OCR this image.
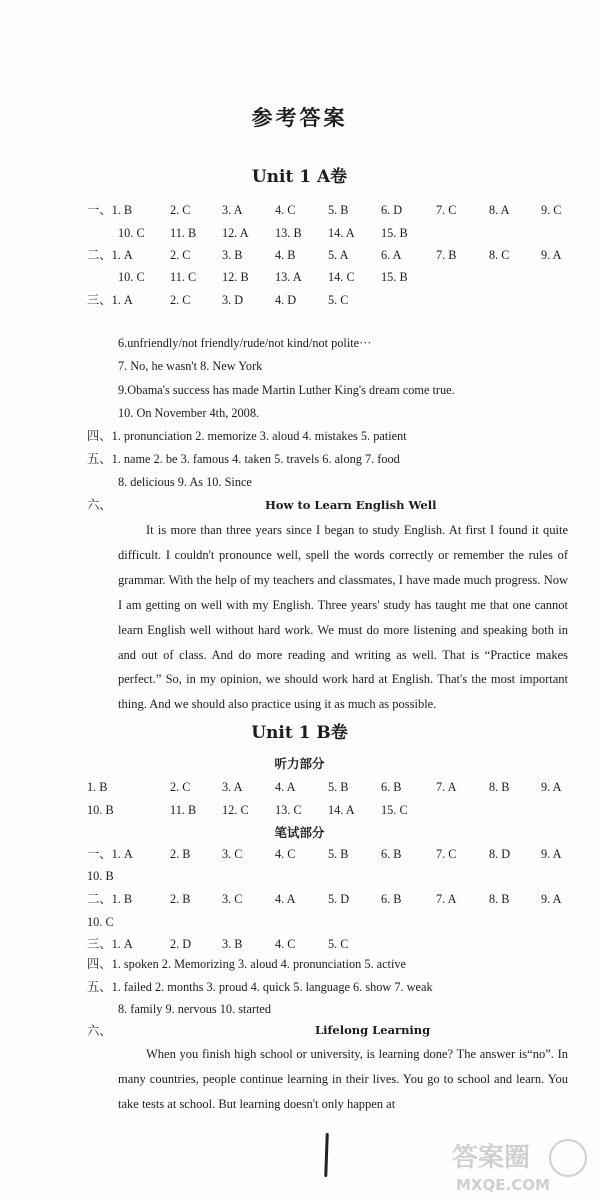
参考答案
Unit 1 A卷
一、1. B	2. C	3. A	4. C	5. B	6. D	7. C	8. A	9. C
10. C 11. B 12. A 13. B 14. A 15. B
二、1. A	2. C	3. B	4. B	5. A	6. A	7. B	8. C	9. A
10. C 11. C 12. B 13. A 14. C 15. B
三、1. A	2. C	3. D	4. D	5. C
6.unfriendly/not friendly/rude/not kind/not polite···
7. No, he wasn't 8. New York
9.Obama's success has made Martin Luther King's dream come true.
10. On November 4th, 2008.
四、1. pronunciation 2. memorize 3. aloud 4. mistakes 5. patient
五、1. name 2. be 3. famous 4. taken 5. travels 6. along 7. food
8. delicious 9. As 10. Since
六、	How to Learn English Well
It is more than three years since I began to study English. At first I found it quite difficult. I couldn't pronounce well, spell the words correctly or remember the rules of grammar. With the help of my teachers and classmates, I have made much progress. Now I am getting on well with my English. Three years' study has taught me that one cannot learn English well without hard work. We must do more listening and speaking both in and out of class. And do more reading and writing as well. That is “Practice makes perfect.” So, in my opinion, we should work hard at English. That's the most important thing. And we should also practice using it as much as possible.
Unit 1 B卷
听力部分
1. B	2. C	3. A	4. A	5. B	6. B	7. A	8. B	9. A
10. B	11. B 12. C 13. C 14. A 15. C
笔试部分
一、1. A	2. B	3. C	4. C	5. B	6. B	7. C	8. D	9. A
10. B
二、1. B	2. B	3. C	4. A	5. D	6. B	7. A	8. B	9. A
10. C
三、1. A	2. D	3. B	4. C	5. C
四、1. spoken 2. Memorizing 3. aloud 4. pronunciation 5. active
五、1. failed 2. months 3. proud 4. quick 5. language 6. show 7. weak
8. family 9. nervous 10. started
六、	Lifelong Learning
When you finish high school or university, is learning done? The answer is“no”. In many countries, people continue learning in their lives. You go to school and learn. You take tests at school. But learning doesn't only happen at
答案圈
MXQE.COM
